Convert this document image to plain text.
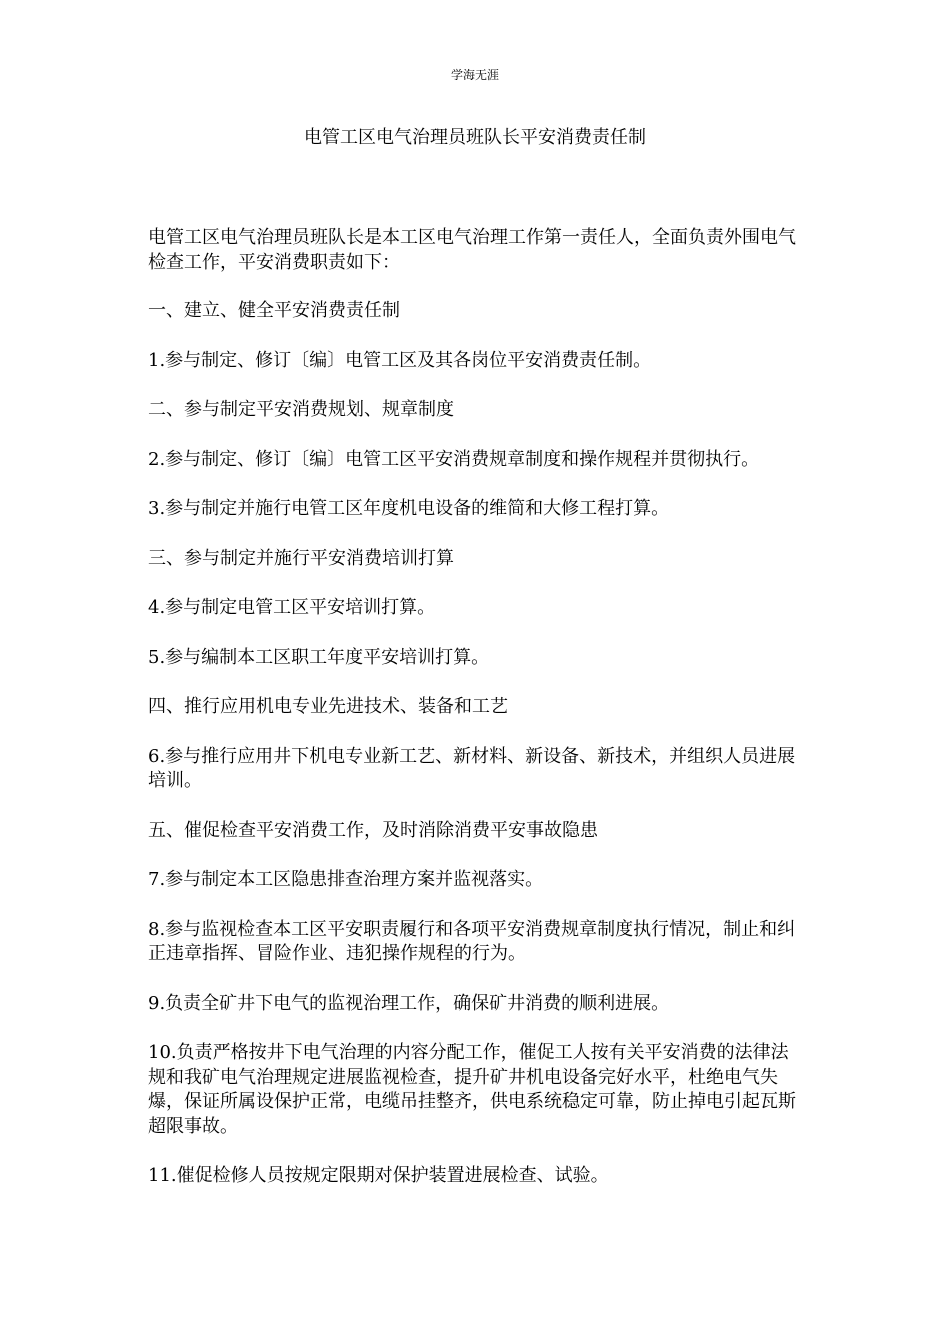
学海无涯
电管工区电气治理员班队长平安消费责任制

电管工区电气治理员班队长是本工区电气治理工作第一责任人，全面负责外围电气检查工作，平安消费职责如下：

一、建立、健全平安消费责任制

1.参与制定、修订〔编〕电管工区及其各岗位平安消费责任制。

二、参与制定平安消费规划、规章制度

2.参与制定、修订〔编〕电管工区平安消费规章制度和操作规程并贯彻执行。

3.参与制定并施行电管工区年度机电设备的维简和大修工程打算。

三、参与制定并施行平安消费培训打算

4.参与制定电管工区平安培训打算。

5.参与编制本工区职工年度平安培训打算。

四、推行应用机电专业先进技术、装备和工艺

6.参与推行应用井下机电专业新工艺、新材料、新设备、新技术，并组织人员进展培训。

五、催促检查平安消费工作，及时消除消费平安事故隐患

7.参与制定本工区隐患排查治理方案并监视落实。

8.参与监视检查本工区平安职责履行和各项平安消费规章制度执行情况，制止和纠正违章指挥、冒险作业、违犯操作规程的行为。

9.负责全矿井下电气的监视治理工作，确保矿井消费的顺利进展。

10.负责严格按井下电气治理的内容分配工作，催促工人按有关平安消费的法律法规和我矿电气治理规定进展监视检查，提升矿井机电设备完好水平，杜绝电气失爆，保证所属设保护正常，电缆吊挂整齐，供电系统稳定可靠，防止掉电引起瓦斯超限事故。

11.催促检修人员按规定限期对保护装置进展检查、试验。
